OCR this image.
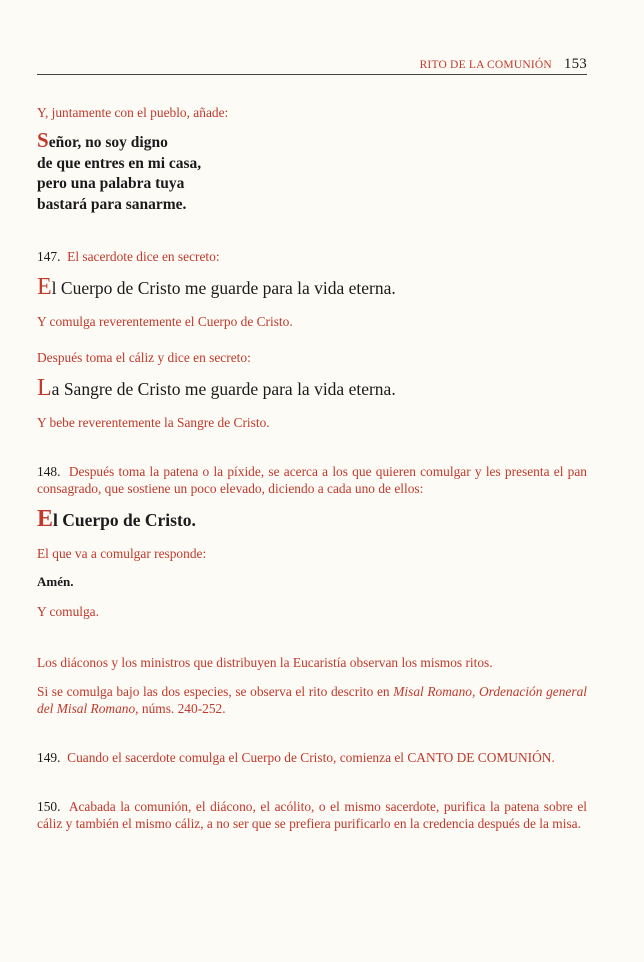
RITO DE LA COMUNIÓN 153

Y, juntamente con el pueblo, añade:

Señor, no soy digno
de que entres en mi casa,
pero una palabra tuya
bastará para sanarme.

147. El sacerdote dice en secreto:

El Cuerpo de Cristo me guarde para la vida eterna.

Y comulga reverentemente el Cuerpo de Cristo.

Después toma el cáliz y dice en secreto:

La Sangre de Cristo me guarde para la vida eterna.

Y bebe reverentemente la Sangre de Cristo.

148. Después toma la patena o la píxide, se acerca a los que quieren comulgar y les presenta el pan consagrado, que sostiene un poco elevado, diciendo a cada uno de ellos:

El Cuerpo de Cristo.

El que va a comulgar responde:

Amén.

Y comulga.

Los diáconos y los ministros que distribuyen la Eucaristía observan los mismos ritos.

Si se comulga bajo las dos especies, se observa el rito descrito en Misal Romano, Ordenación general del Misal Romano, núms. 240-252.

149. Cuando el sacerdote comulga el Cuerpo de Cristo, comienza el CANTO DE COMUNIÓN.

150. Acabada la comunión, el diácono, el acólito, o el mismo sacerdote, purifica la patena sobre el cáliz y también el mismo cáliz, a no ser que se prefiera purificarlo en la credencia después de la misa.
